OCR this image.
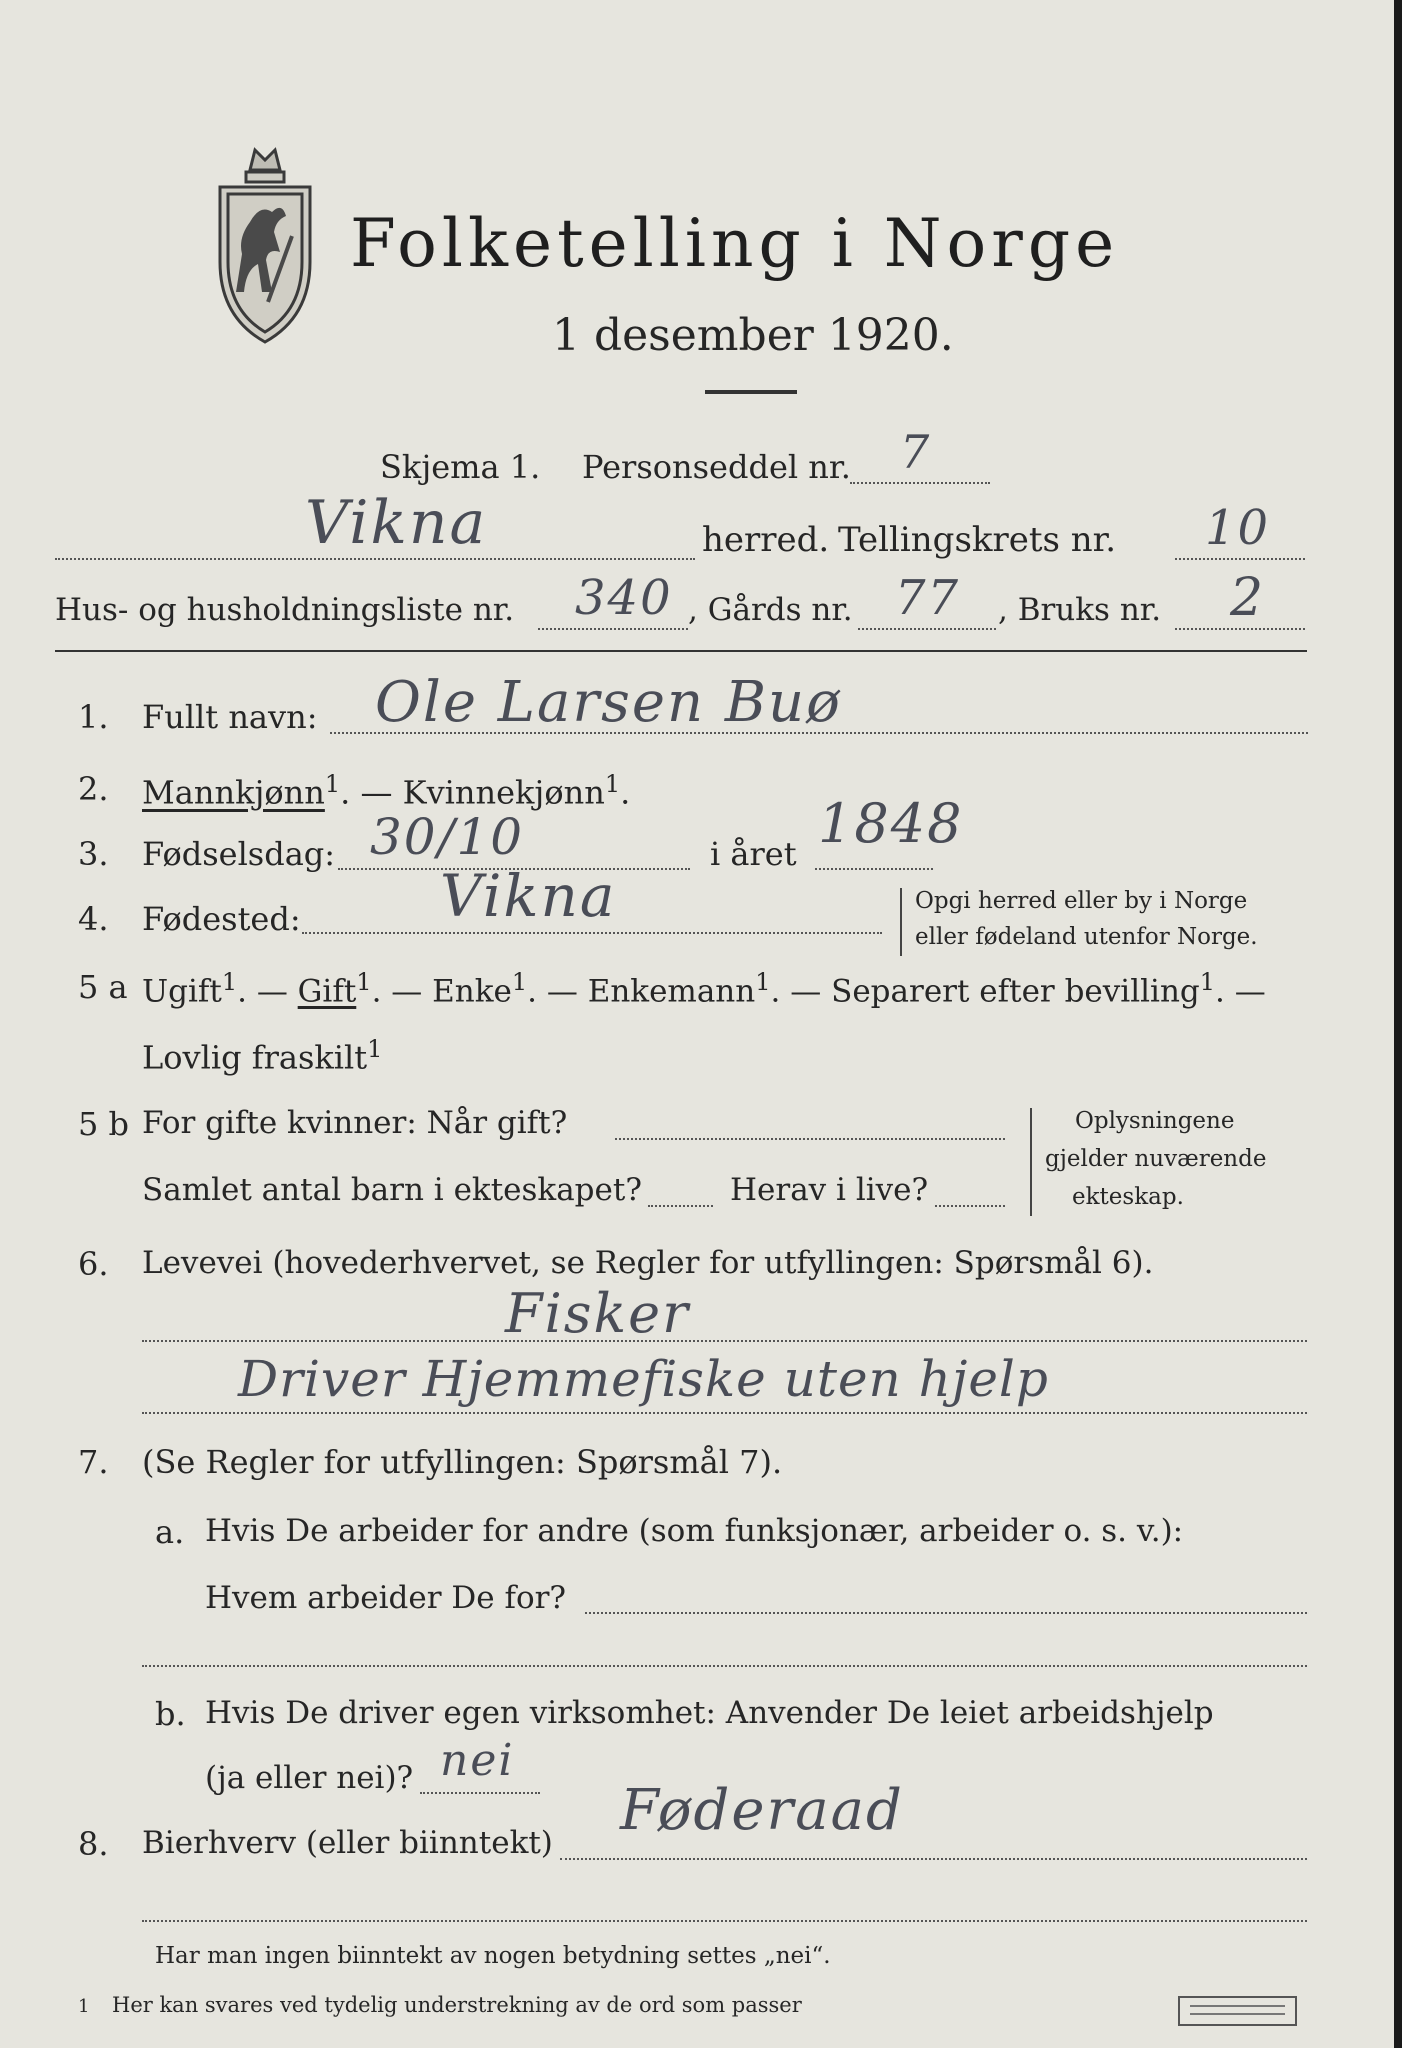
Folketelling i Norge
1 desember 1920.
Skjema 1. Personseddel nr. 7
Vikna	herred. Tellingskrets nr. 10
Hus- og husholdningsliste nr. 340 , Gårds nr. 77 , Bruks nr. 2
1. Fullt navn: Ole Larsen Buø
2. Mannkjønn$^1$. — Kvinnekjønn$^1$.
3. Fødselsdag: 30/10	i året 1848
4. Fødested: Vikna	Opgi herred eller by i Norge
eller fødeland utenfor Norge.
5 a Ugift$^1$. — Gift$^1$. — Enke$^1$. — Enkemann$^1$. — Separert efter bevilling$^1$. —
Lovlig fraskilt$^1$
5 b For gifte kvinner: Når gift?
Samlet antal barn i ekteskapet?	Herav i live?
Oplysningene
gjelder nuværende
ekteskap.
6. Levevei (hovederhvervet, se Regler for utfyllingen: Spørsmål 6).
Fisker
Driver Hjemmefiske uten hjelp
7. (Se Regler for utfyllingen: Spørsmål 7).
a. Hvis De arbeider for andre (som funksjonær, arbeider o. s. v.):
Hvem arbeider De for?
b. Hvis De driver egen virksomhet: Anvender De leiet arbeidshjelp
(ja eller nei)? nei
8. Bierhverv (eller biinntekt) Føderaad
Har man ingen biinntekt av nogen betydning settes „nei“.
1 Her kan svares ved tydelig understrekning av de ord som passer
